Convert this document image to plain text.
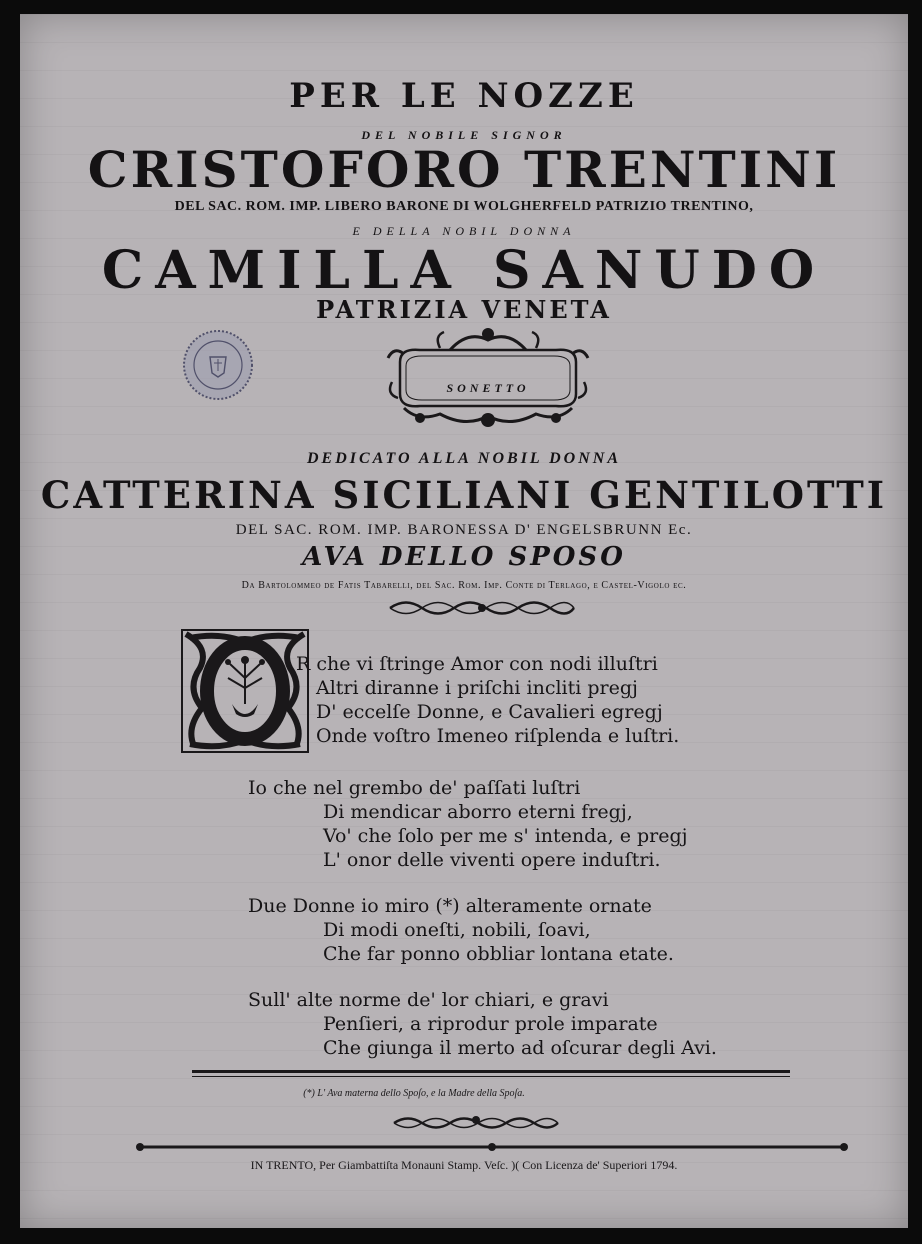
PER LE NOZZE
DEL NOBILE SIGNOR
CRISTOFORO TRENTINI
DEL SAC. ROM. IMP. LIBERO BARONE DI WOLGHERFELD PATRIZIO TRENTINO,
E DELLA NOBIL DONNA
CAMILLA SANUDO
PATRIZIA VENETA
SONETTO
DEDICATO ALLA NOBIL DONNA
CATTERINA SICILIANI GENTILOTTI
DEL SAC. ROM. IMP. BARONESSA D' ENGELSBRUNN Ec.
AVA DELLO SPOSO
Da Bartolommeo de Fatis Tabarelli, del Sac. Rom. Imp. Conte di Terlago, e Castel-Vigolo ec.
R che vi ſtringe Amor con nodi illuſtri
Altri diranne i priſchi incliti pregj
D' eccelſe Donne, e Cavalieri egregj
Onde voſtro Imeneo riſplenda e luſtri.
Io che nel grembo de' paſſati luſtri
Di mendicar aborro eterni fregj,
Vo' che ſolo per me s' intenda, e pregj
L' onor delle viventi opere induſtri.
Due Donne io miro (*) alteramente ornate
Di modi oneſti, nobili, ſoavi,
Che far ponno obbliar lontana etate.
Sull' alte norme de' lor chiari, e gravi
Penſieri, a riprodur prole imparate
Che giunga il merto ad oſcurar degli Avi.
(*) L' Ava materna dello Spoſo, e la Madre della Spoſa.
IN TRENTO, Per Giambattiſta Monauni Stamp. Veſc. )( Con Licenza de' Superiori 1794.
